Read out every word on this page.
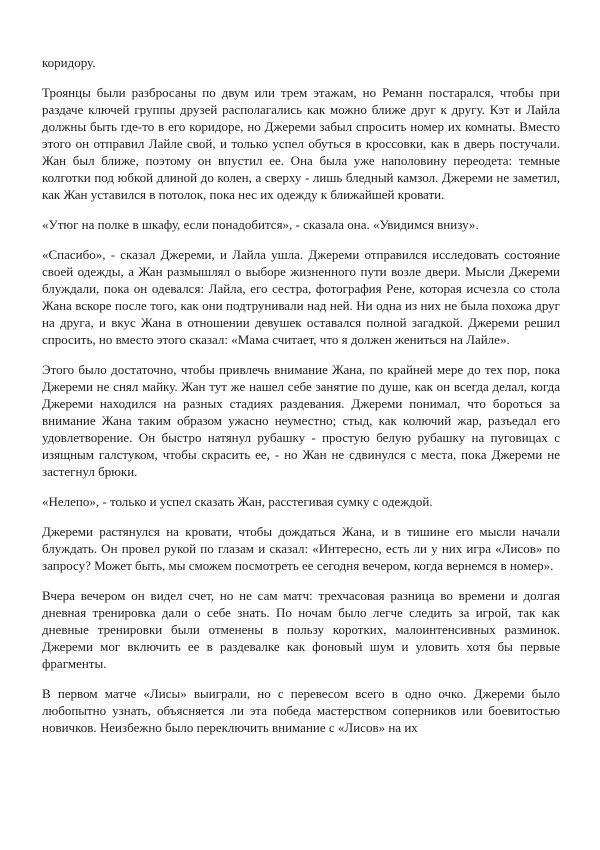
коридору.

Троянцы были разбросаны по двум или трем этажам, но Реманн постарался, чтобы при раздаче ключей группы друзей располагались как можно ближе друг к другу. Кэт и Лайла должны быть где-то в его коридоре, но Джереми забыл спросить номер их комнаты. Вместо этого он отправил Лайле свой, и только успел обуться в кроссовки, как в дверь постучали. Жан был ближе, поэтому он впустил ее. Она была уже наполовину переодета: темные колготки под юбкой длиной до колен, а сверху - лишь бледный камзол. Джереми не заметил, как Жан уставился в потолок, пока нес их одежду к ближайшей кровати.

«Утюг на полке в шкафу, если понадобится», - сказала она. «Увидимся внизу».

«Спасибо», - сказал Джереми, и Лайла ушла. Джереми отправился исследовать состояние своей одежды, а Жан размышлял о выборе жизненного пути возле двери. Мысли Джереми блуждали, пока он одевался: Лайла, его сестра, фотография Рене, которая исчезла со стола Жана вскоре после того, как они подтрунивали над ней. Ни одна из них не была похожа друг на друга, и вкус Жана в отношении девушек оставался полной загадкой. Джереми решил спросить, но вместо этого сказал: «Мама считает, что я должен жениться на Лайле».

Этого было достаточно, чтобы привлечь внимание Жана, по крайней мере до тех пор, пока Джереми не снял майку. Жан тут же нашел себе занятие по душе, как он всегда делал, когда Джереми находился на разных стадиях раздевания. Джереми понимал, что бороться за внимание Жана таким образом ужасно неуместно; стыд, как колючий жар, разъедал его удовлетворение. Он быстро натянул рубашку - простую белую рубашку на пуговицах с изящным галстуком, чтобы скрасить ее, - но Жан не сдвинулся с места, пока Джереми не застегнул брюки.

«Нелепо», - только и успел сказать Жан, расстегивая сумку с одеждой.

Джереми растянулся на кровати, чтобы дождаться Жана, и в тишине его мысли начали блуждать. Он провел рукой по глазам и сказал: «Интересно, есть ли у них игра «Лисов» по запросу? Может быть, мы сможем посмотреть ее сегодня вечером, когда вернемся в номер».

Вчера вечером он видел счет, но не сам матч: трехчасовая разница во времени и долгая дневная тренировка дали о себе знать. По ночам было легче следить за игрой, так как дневные тренировки были отменены в пользу коротких, малоинтенсивных разминок. Джереми мог включить ее в раздевалке как фоновый шум и уловить хотя бы первые фрагменты.

В первом матче «Лисы» выиграли, но с перевесом всего в одно очко. Джереми было любопытно узнать, объясняется ли эта победа мастерством соперников или боевитостью новичков. Неизбежно было переключить внимание с «Лисов» на их
